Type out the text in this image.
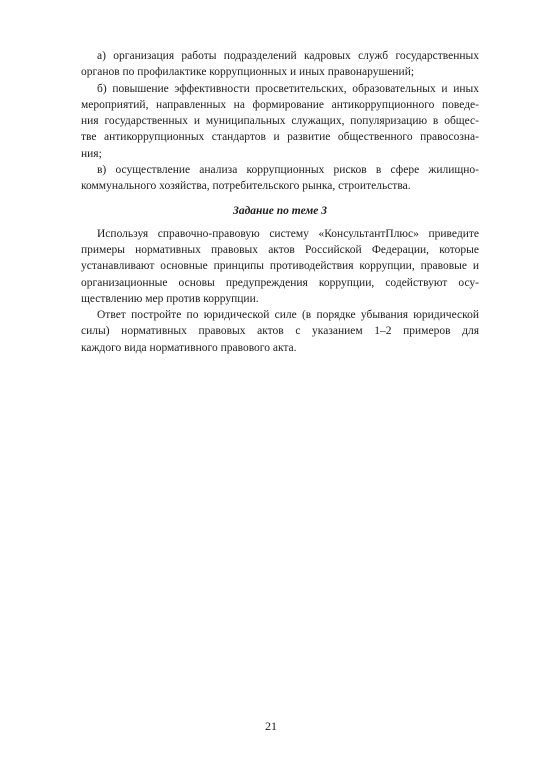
а) организация работы подразделений кадровых служб государственных
органов по профилактике коррупционных и иных правонарушений;
б) повышение эффективности просветительских, образовательных и иных
мероприятий, направленных на формирование антикоррупционного поведе-
ния государственных и муниципальных служащих, популяризацию в общес-
тве антикоррупционных стандартов и развитие общественного правосозна-
ния;
в) осуществление анализа коррупционных рисков в сфере жилищно-
коммунального хозяйства, потребительского рынка, строительства.
Задание по теме 3
Используя справочно-правовую систему «КонсультантПлюс» приведите
примеры нормативных правовых актов Российской Федерации, которые
устанавливают основные принципы противодействия коррупции, правовые и
организационные основы предупреждения коррупции, содействуют осу-
ществлению мер против коррупции.
Ответ постройте по юридической силе (в порядке убывания юридической
силы) нормативных правовых актов с указанием 1–2 примеров для
каждого вида нормативного правового акта.
21
